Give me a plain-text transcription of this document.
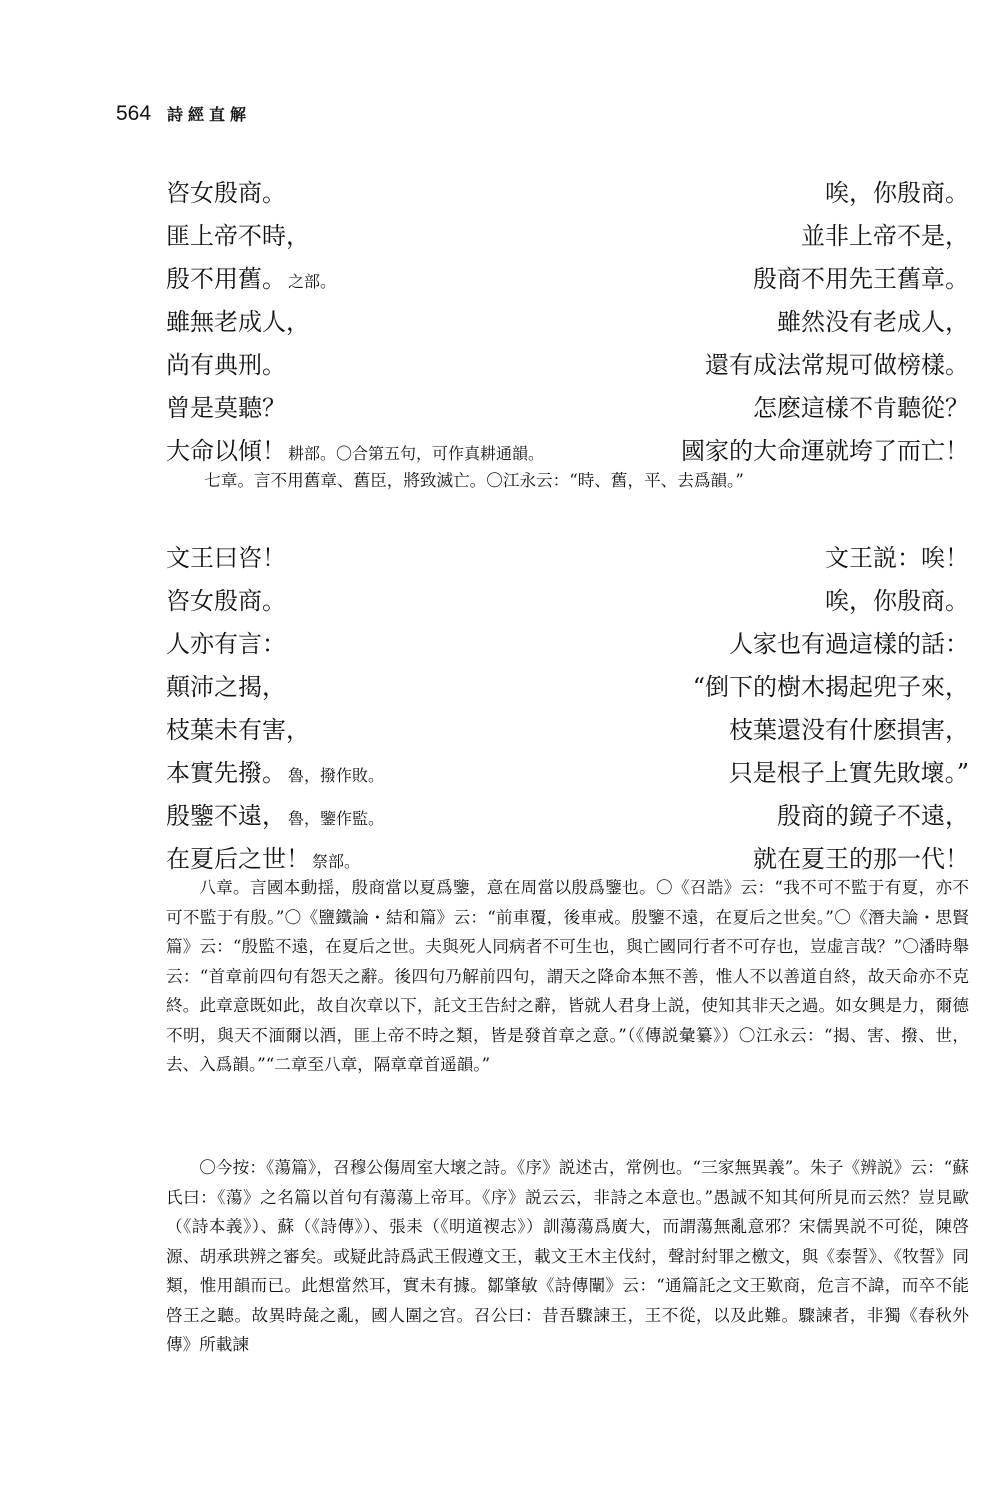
564 詩經直解
咨女殷商。	唉，你殷商。
匪上帝不時，	並非上帝不是，
殷不用舊。 之部。	殷商不用先王舊章。
雖無老成人，	雖然没有老成人，
尚有典刑。	還有成法常規可做榜樣。
曾是莫聽？	怎麽這樣不肯聽從？
大命以傾！ 耕部。〇合第五句，可作真耕通韻。	國家的大命運就垮了而亡！

七章。言不用舊章、舊臣，將致滅亡。〇江永云：“時、舊，平、去爲韻。”

文王曰咨！	文王説：唉！
咨女殷商。	唉，你殷商。
人亦有言：	人家也有過這樣的話：
顛沛之揭，	“倒下的樹木揭起兜子來，
枝葉未有害，	枝葉還没有什麽損害，
本實先撥。 魯，撥作敗。	只是根子上實先敗壞。”
殷鑒不遠， 魯，鑒作監。	殷商的鏡子不遠，
在夏后之世！ 祭部。	就在夏王的那一代！

八章。言國本動揺，殷商當以夏爲鑒，意在周當以殷爲鑒也。〇《召誥》云：“我不可不監于有夏，亦不可不監于有殷。”〇《鹽鐵論・結和篇》云：“前車覆，後車戒。殷鑒不遠，在夏后之世矣。”〇《潛夫論・思賢篇》云：“殷監不遠，在夏后之世。夫與死人同病者不可生也，與亡國同行者不可存也，豈虚言哉？”〇潘時舉云：“首章前四句有怨天之辭。後四句乃解前四句，謂天之降命本無不善，惟人不以善道自終，故天命亦不克終。此章意既如此，故自次章以下，託文王告紂之辭，皆就人君身上説，使知其非天之過。如女興是力，爾德不明，與天不湎爾以酒，匪上帝不時之類，皆是發首章之意。”（《傳説彙纂》）〇江永云：“揭、害、撥、世，去、入爲韻。”“二章至八章，隔章章首遥韻。”

〇今按：《蕩篇》，召穆公傷周室大壞之詩。《序》説述古，常例也。“三家無異義”。朱子《辨説》云：“蘇氏曰：《蕩》之名篇以首句有蕩蕩上帝耳。《序》説云云，非詩之本意也。”愚誠不知其何所見而云然？豈見歐（《詩本義》）、蘇（《詩傳》）、張耒（《明道褉志》）訓蕩蕩爲廣大，而謂蕩無亂意邪？宋儒異説不可從，陳啓源、胡承珙辨之審矣。或疑此詩爲武王假遵文王，載文王木主伐紂，聲討紂罪之檄文，與《泰誓》、《牧誓》同類，惟用韻而已。此想當然耳，實未有據。鄒肇敏《詩傳闡》云：“通篇託之文王歎商，危言不諱，而卒不能啓王之聽。故異時彘之亂，國人圍之宫。召公曰：昔吾驟諫王，王不從，以及此難。驟諫者，非獨《春秋外傳》所載諫
